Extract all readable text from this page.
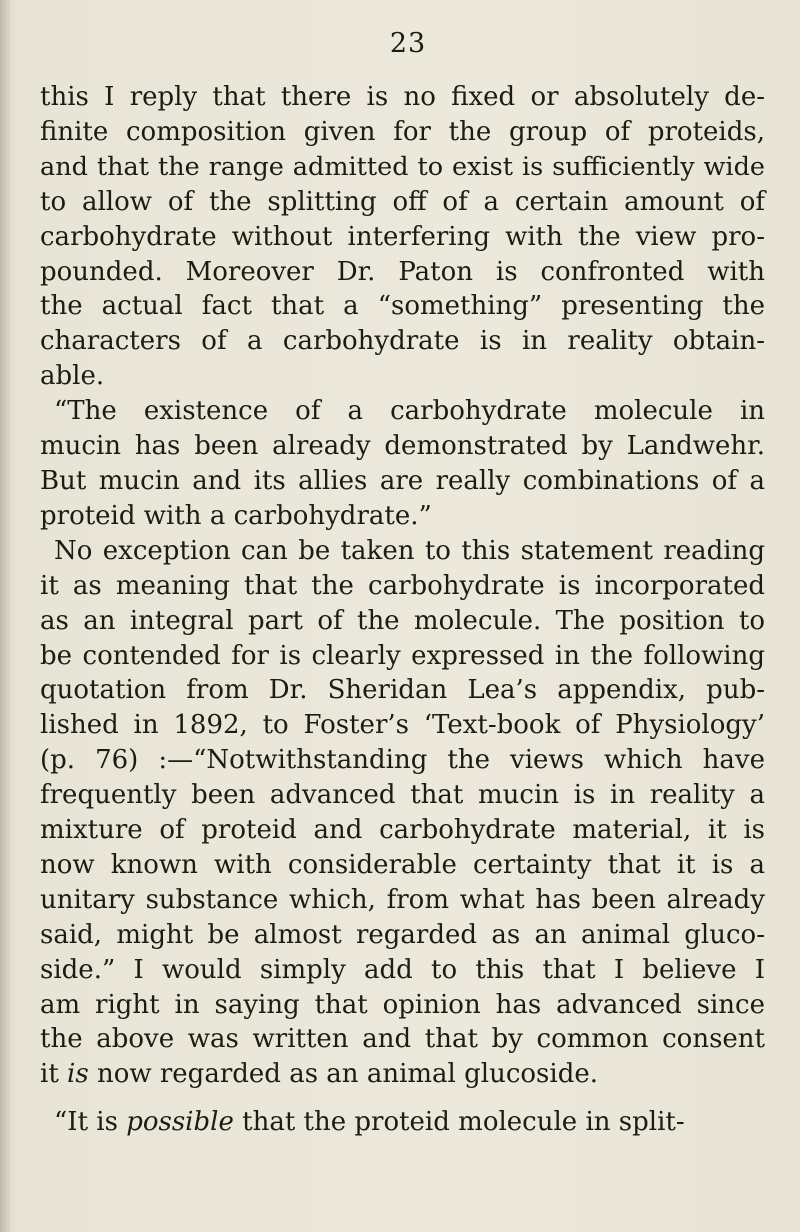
23
this I reply that there is no fixed or absolutely de-
finite composition given for the group of proteids,
and that the range admitted to exist is sufficiently wide
to allow of the splitting off of a certain amount of
carbohydrate without interfering with the view pro-
pounded. Moreover Dr. Paton is confronted with
the actual fact that a “something” presenting the
characters of a carbohydrate is in reality obtain-
able.
“The existence of a carbohydrate molecule in
mucin has been already demonstrated by Landwehr.
But mucin and its allies are really combinations of a
proteid with a carbohydrate.”
No exception can be taken to this statement reading
it as meaning that the carbohydrate is incorporated
as an integral part of the molecule. The position to
be contended for is clearly expressed in the following
quotation from Dr. Sheridan Lea’s appendix, pub-
lished in 1892, to Foster’s ‘Text-book of Physiology’
(p. 76) :—“Notwithstanding the views which have
frequently been advanced that mucin is in reality a
mixture of proteid and carbohydrate material, it is
now known with considerable certainty that it is a
unitary substance which, from what has been already
said, might be almost regarded as an animal gluco-
side.” I would simply add to this that I believe I
am right in saying that opinion has advanced since
the above was written and that by common consent
it is now regarded as an animal glucoside.
“It is possible that the proteid molecule in split-
